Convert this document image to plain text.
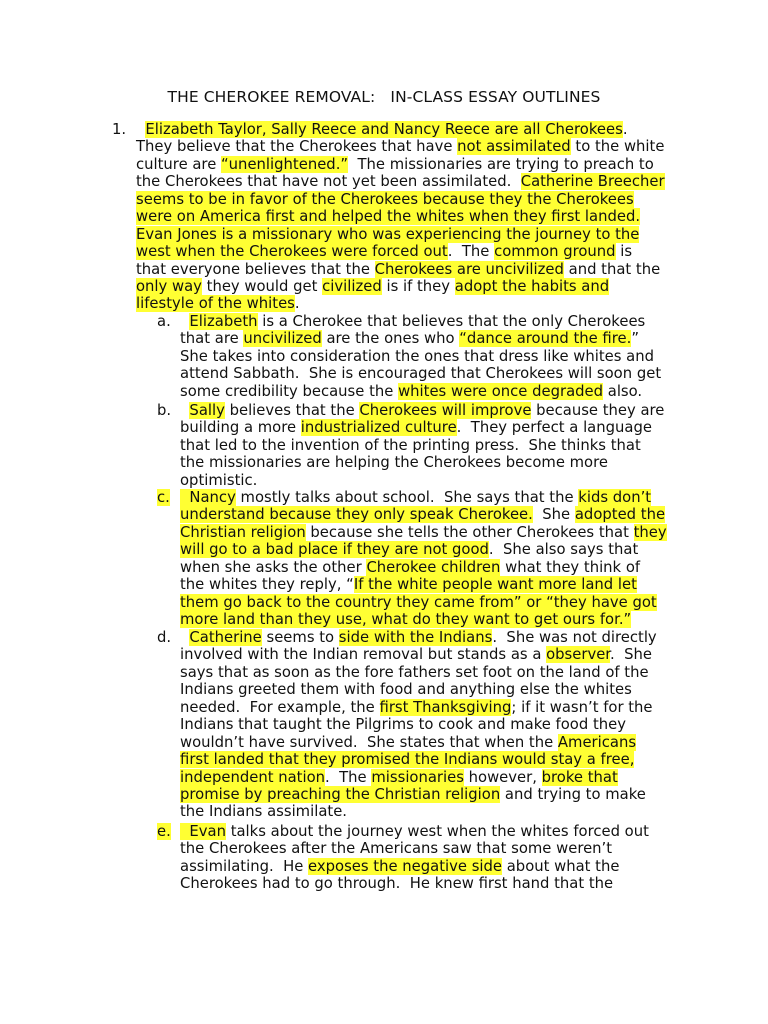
THE CHEROKEE REMOVAL:   IN-CLASS ESSAY OUTLINES
1.	Elizabeth Taylor, Sally Reece and Nancy Reece are all Cherokees.
They believe that the Cherokees that have not assimilated to the white
culture are “unenlightened.”  The missionaries are trying to preach to
the Cherokees that have not yet been assimilated.  Catherine Breecher
seems to be in favor of the Cherokees because they the Cherokees
were on America first and helped the whites when they first landed.
Evan Jones is a missionary who was experiencing the journey to the
west when the Cherokees were forced out.  The common ground is
that everyone believes that the Cherokees are uncivilized and that the
only way they would get civilized is if they adopt the habits and
lifestyle of the whites.
a.	Elizabeth is a Cherokee that believes that the only Cherokees
that are uncivilized are the ones who “dance around the fire.”
She takes into consideration the ones that dress like whites and
attend Sabbath.  She is encouraged that Cherokees will soon get
some credibility because the whites were once degraded also.
b.	Sally believes that the Cherokees will improve because they are
building a more industrialized culture.  They perfect a language
that led to the invention of the printing press.  She thinks that
the missionaries are helping the Cherokees become more
optimistic.
c.	Nancy mostly talks about school.  She says that the kids don’t
understand because they only speak Cherokee.  She adopted the
Christian religion because she tells the other Cherokees that they
will go to a bad place if they are not good.  She also says that
when she asks the other Cherokee children what they think of
the whites they reply, “If the white people want more land let
them go back to the country they came from” or “they have got
more land than they use, what do they want to get ours for.”
d.	Catherine seems to side with the Indians.  She was not directly
involved with the Indian removal but stands as a observer.  She
says that as soon as the fore fathers set foot on the land of the
Indians greeted them with food and anything else the whites
needed.  For example, the first Thanksgiving; if it wasn’t for the
Indians that taught the Pilgrims to cook and make food they
wouldn’t have survived.  She states that when the Americans
first landed that they promised the Indians would stay a free,
independent nation.  The missionaries however, broke that
promise by preaching the Christian religion and trying to make
the Indians assimilate.
e.	Evan talks about the journey west when the whites forced out
the Cherokees after the Americans saw that some weren’t
assimilating.  He exposes the negative side about what the
Cherokees had to go through.  He knew first hand that the
